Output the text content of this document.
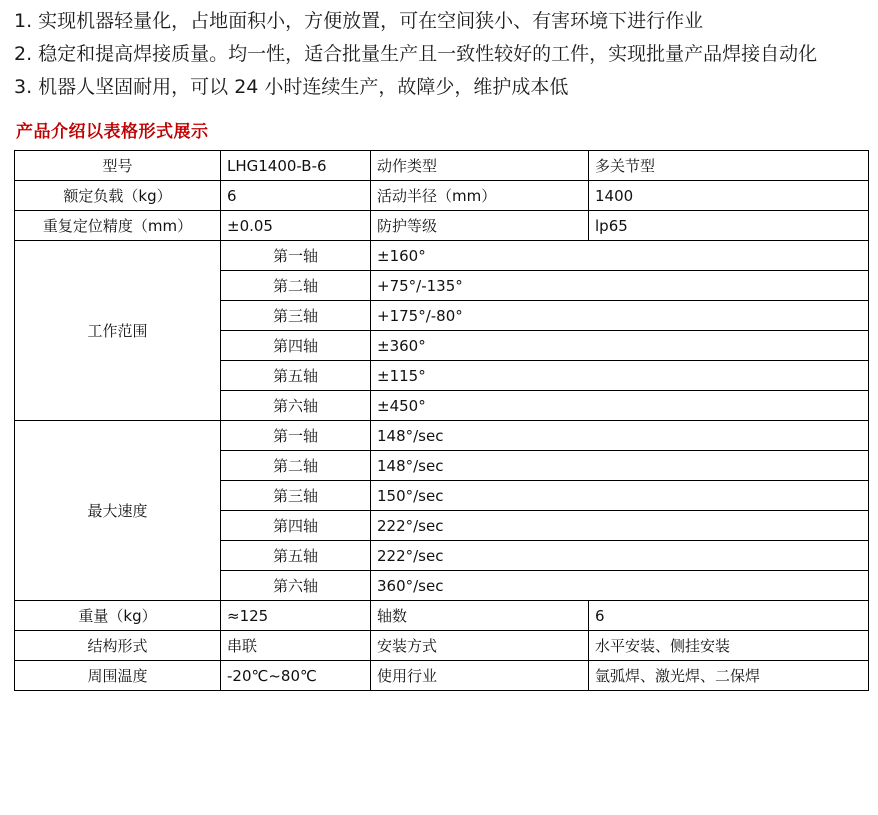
1. 实现机器轻量化，占地面积小，方便放置，可在空间狭小、有害环境下进行作业

2. 稳定和提高焊接质量。均一性，适合批量生产且一致性较好的工件，实现批量产品焊接自动化

3. 机器人坚固耐用，可以 24 小时连续生产，故障少，维护成本低

产品介绍以表格形式展示
型号	LHG1400-B-6	动作类型	多关节型
额定负载（kg）	6	活动半径（mm）	1400
重复定位精度（mm）	±0.05	防护等级	lp65
工作范围	第一轴	±160°	
	第二轴	+75°/-135°	
	第三轴	+175°/-80°	
	第四轴	±360°	
	第五轴	±115°	
	第六轴	±450°	
最大速度	第一轴	148°/sec	
	第二轴	148°/sec	
	第三轴	150°/sec	
	第四轴	222°/sec	
	第五轴	222°/sec	
	第六轴	360°/sec	
重量（kg）	≈125	轴数	6
结构形式	串联	安装方式	水平安装、侧挂安装
周围温度	-20℃~80℃	使用行业	氩弧焊、激光焊、二保焊
